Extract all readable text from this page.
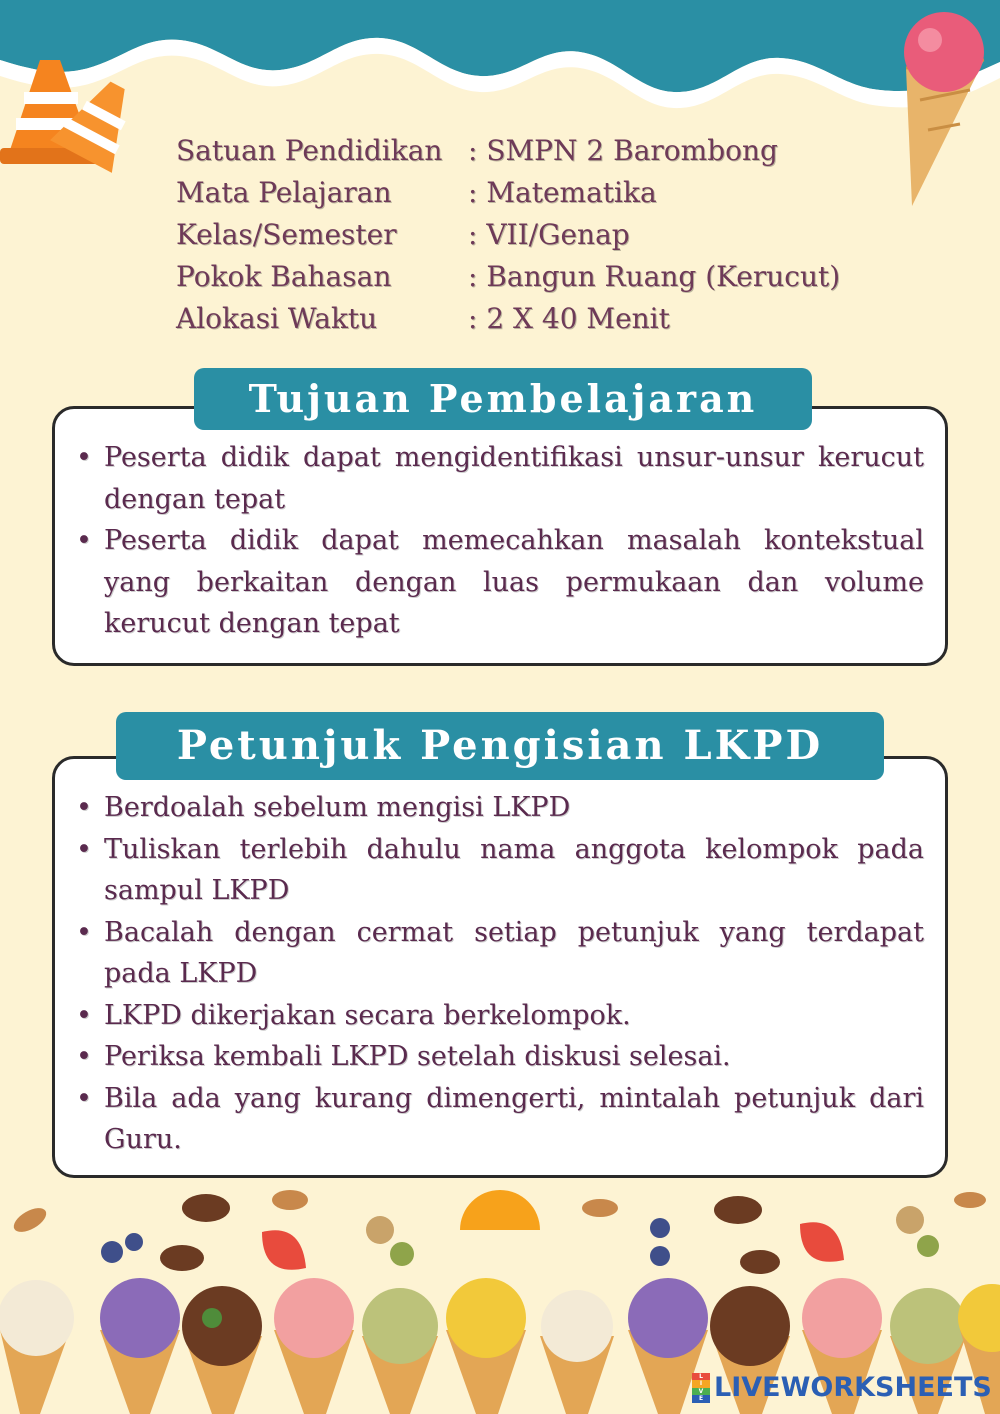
Satuan Pendidikan : SMPN 2 Barombong
Mata Pelajaran	: Matematika
Kelas/Semester	: VII/Genap
Pokok Bahasan	: Bangun Ruang (Kerucut)
Alokasi Waktu	: 2 X 40 Menit
Tujuan Pembelajaran
• Peserta didik dapat mengidentifikasi unsur-unsur kerucut dengan tepat
• Peserta didik dapat memecahkan masalah kontekstual yang berkaitan dengan luas permukaan dan volume kerucut dengan tepat
Petunjuk Pengisian LKPD
• Berdoalah sebelum mengisi LKPD
• Tuliskan terlebih dahulu nama anggota kelompok pada sampul LKPD
• Bacalah dengan cermat setiap petunjuk yang terdapat pada LKPD
• LKPD dikerjakan secara berkelompok.
• Periksa kembali LKPD setelah diskusi selesai.
• Bila ada yang kurang dimengerti, mintalah petunjuk dari Guru.
L
I
V
E LIVEWORKSHEETS
